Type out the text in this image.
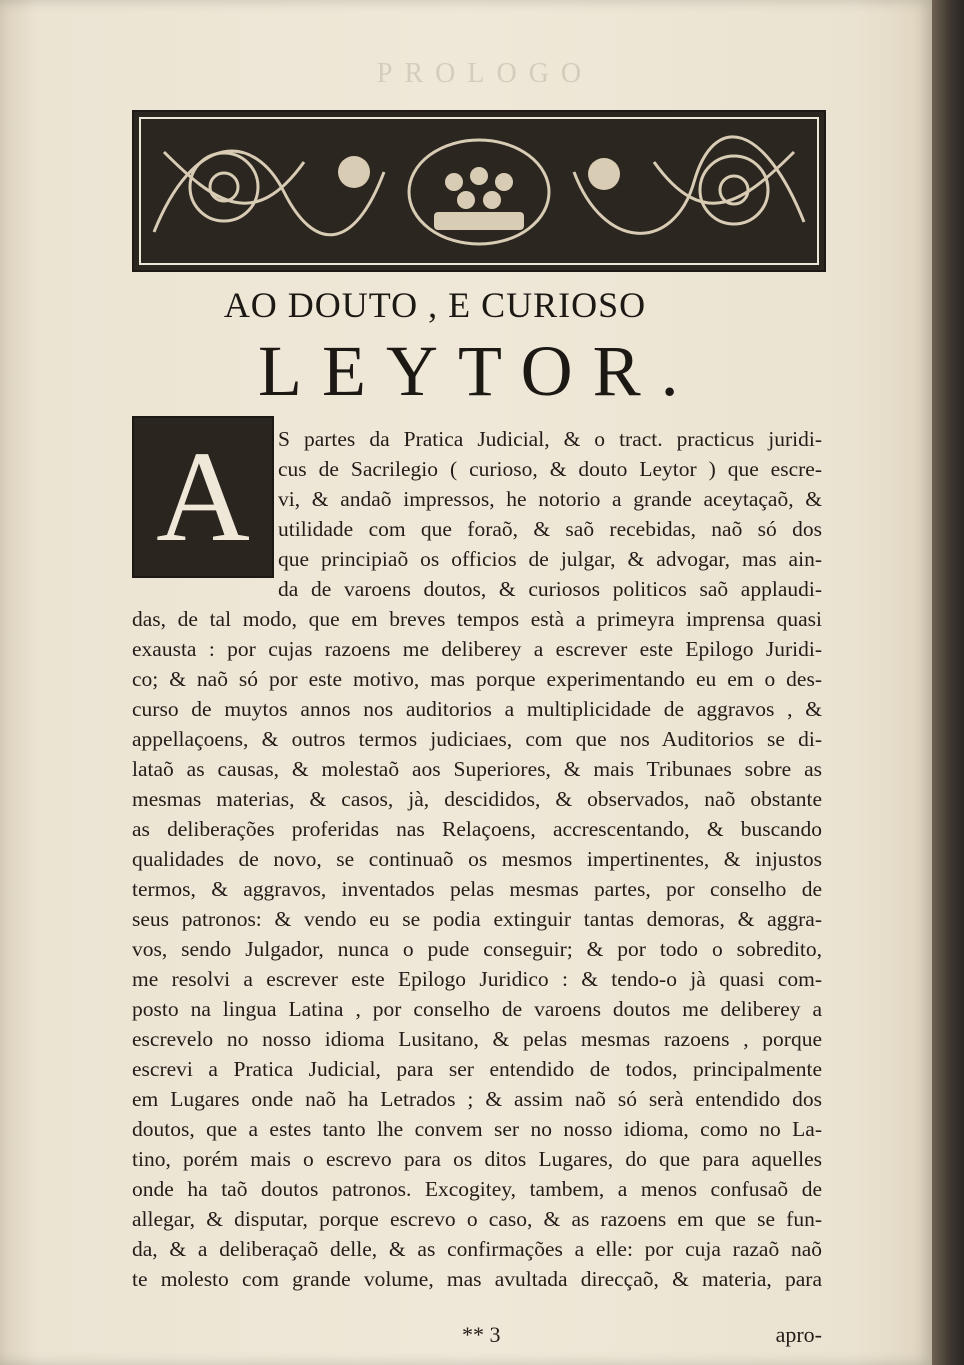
PROLOGO
AO DOUTO , E CURIOSO
LEYTOR.
A	S partes da Pratica Judicial, & o tract. practicus juridi-
cus de Sacrilegio ( curioso, & douto Leytor ) que escre-
vi, & andaõ impressos, he notorio a grande aceytaçaõ, &
utilidade com que foraõ, & saõ recebidas, naõ só dos
que principiaõ os officios de julgar, & advogar, mas ain-
da de varoens doutos, & curiosos politicos saõ applaudi-
das, de tal modo, que em breves tempos està a primeyra imprensa quasi
exausta : por cujas razoens me deliberey a escrever este Epilogo Juridi-
co; & naõ só por este motivo, mas porque experimentando eu em o des-
curso de muytos annos nos auditorios a multiplicidade de aggravos , &
appellaçoens, & outros termos judiciaes, com que nos Auditorios se di-
lataõ as causas, & molestaõ aos Superiores, & mais Tribunaes sobre as
mesmas materias, & casos, jà, descididos, & observados, naõ obstante
as deliberações proferidas nas Relaçoens, accrescentando, & buscando
qualidades de novo, se continuaõ os mesmos impertinentes, & injustos
termos, & aggravos, inventados pelas mesmas partes, por conselho de
seus patronos: & vendo eu se podia extinguir tantas demoras, & aggra-
vos, sendo Julgador, nunca o pude conseguir; & por todo o sobredito,
me resolvi a escrever este Epilogo Juridico : & tendo-o jà quasi com-
posto na lingua Latina , por conselho de varoens doutos me deliberey a
escrevelo no nosso idioma Lusitano, & pelas mesmas razoens , porque
escrevi a Pratica Judicial, para ser entendido de todos, principalmente
em Lugares onde naõ ha Letrados ; & assim naõ só serà entendido dos
doutos, que a estes tanto lhe convem ser no nosso idioma, como no La-
tino, porém mais o escrevo para os ditos Lugares, do que para aquelles
onde ha taõ doutos patronos. Excogitey, tambem, a menos confusaõ de
allegar, & disputar, porque escrevo o caso, & as razoens em que se fun-
da, & a deliberaçaõ delle, & as confirmações a elle: por cuja razaõ naõ
te molesto com grande volume, mas avultada direcçaõ, & materia, para
** 3	apro-
